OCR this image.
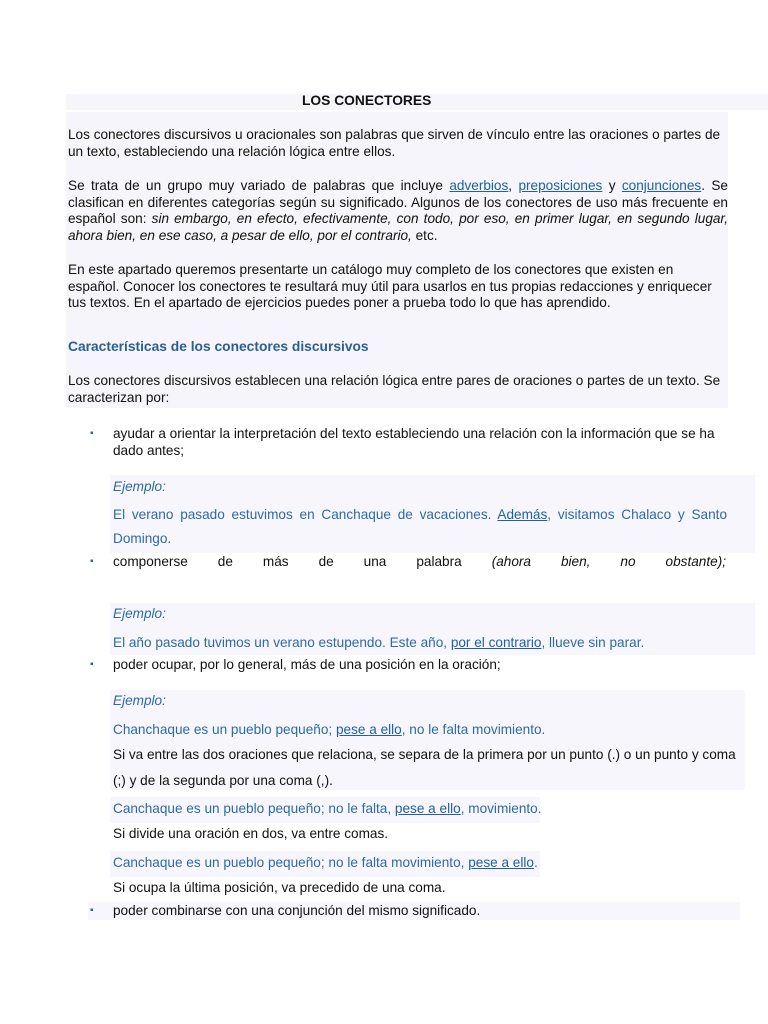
LOS CONECTORES
Los conectores discursivos u oracionales son palabras que sirven de vínculo entre las oraciones o partes de un texto, estableciendo una relación lógica entre ellos.
Se trata de un grupo muy variado de palabras que incluye adverbios, preposiciones y conjunciones. Se clasifican en diferentes categorías según su significado. Algunos de los conectores de uso más frecuente en español son: sin embargo, en efecto, efectivamente, con todo, por eso, en primer lugar, en segundo lugar, ahora bien, en ese caso, a pesar de ello, por el contrario, etc.
En este apartado queremos presentarte un catálogo muy completo de los conectores que existen en español. Conocer los conectores te resultará muy útil para usarlos en tus propias redacciones y enriquecer tus textos. En el apartado de ejercicios puedes poner a prueba todo lo que has aprendido.
Características de los conectores discursivos
Los conectores discursivos establecen una relación lógica entre pares de oraciones o partes de un texto. Se caracterizan por:
▪ ayudar a orientar la interpretación del texto estableciendo una relación con la información que se ha dado antes;
Ejemplo:
El verano pasado estuvimos en Canchaque de vacaciones. Además, visitamos Chalaco y Santo Domingo.
▪ componerse de más de una palabra (ahora bien, no obstante);
Ejemplo:
El año pasado tuvimos un verano estupendo. Este año, por el contrario, llueve sin parar.
▪ poder ocupar, por lo general, más de una posición en la oración;
Ejemplo:
Chanchaque es un pueblo pequeño; pese a ello, no le falta movimiento.
Si va entre las dos oraciones que relaciona, se separa de la primera por un punto (.) o un punto y coma (;) y de la segunda por una coma (,).
Canchaque es un pueblo pequeño; no le falta, pese a ello, movimiento.
Si divide una oración en dos, va entre comas.
Canchaque es un pueblo pequeño; no le falta movimiento, pese a ello.
Si ocupa la última posición, va precedido de una coma.
▪ poder combinarse con una conjunción del mismo significado.
